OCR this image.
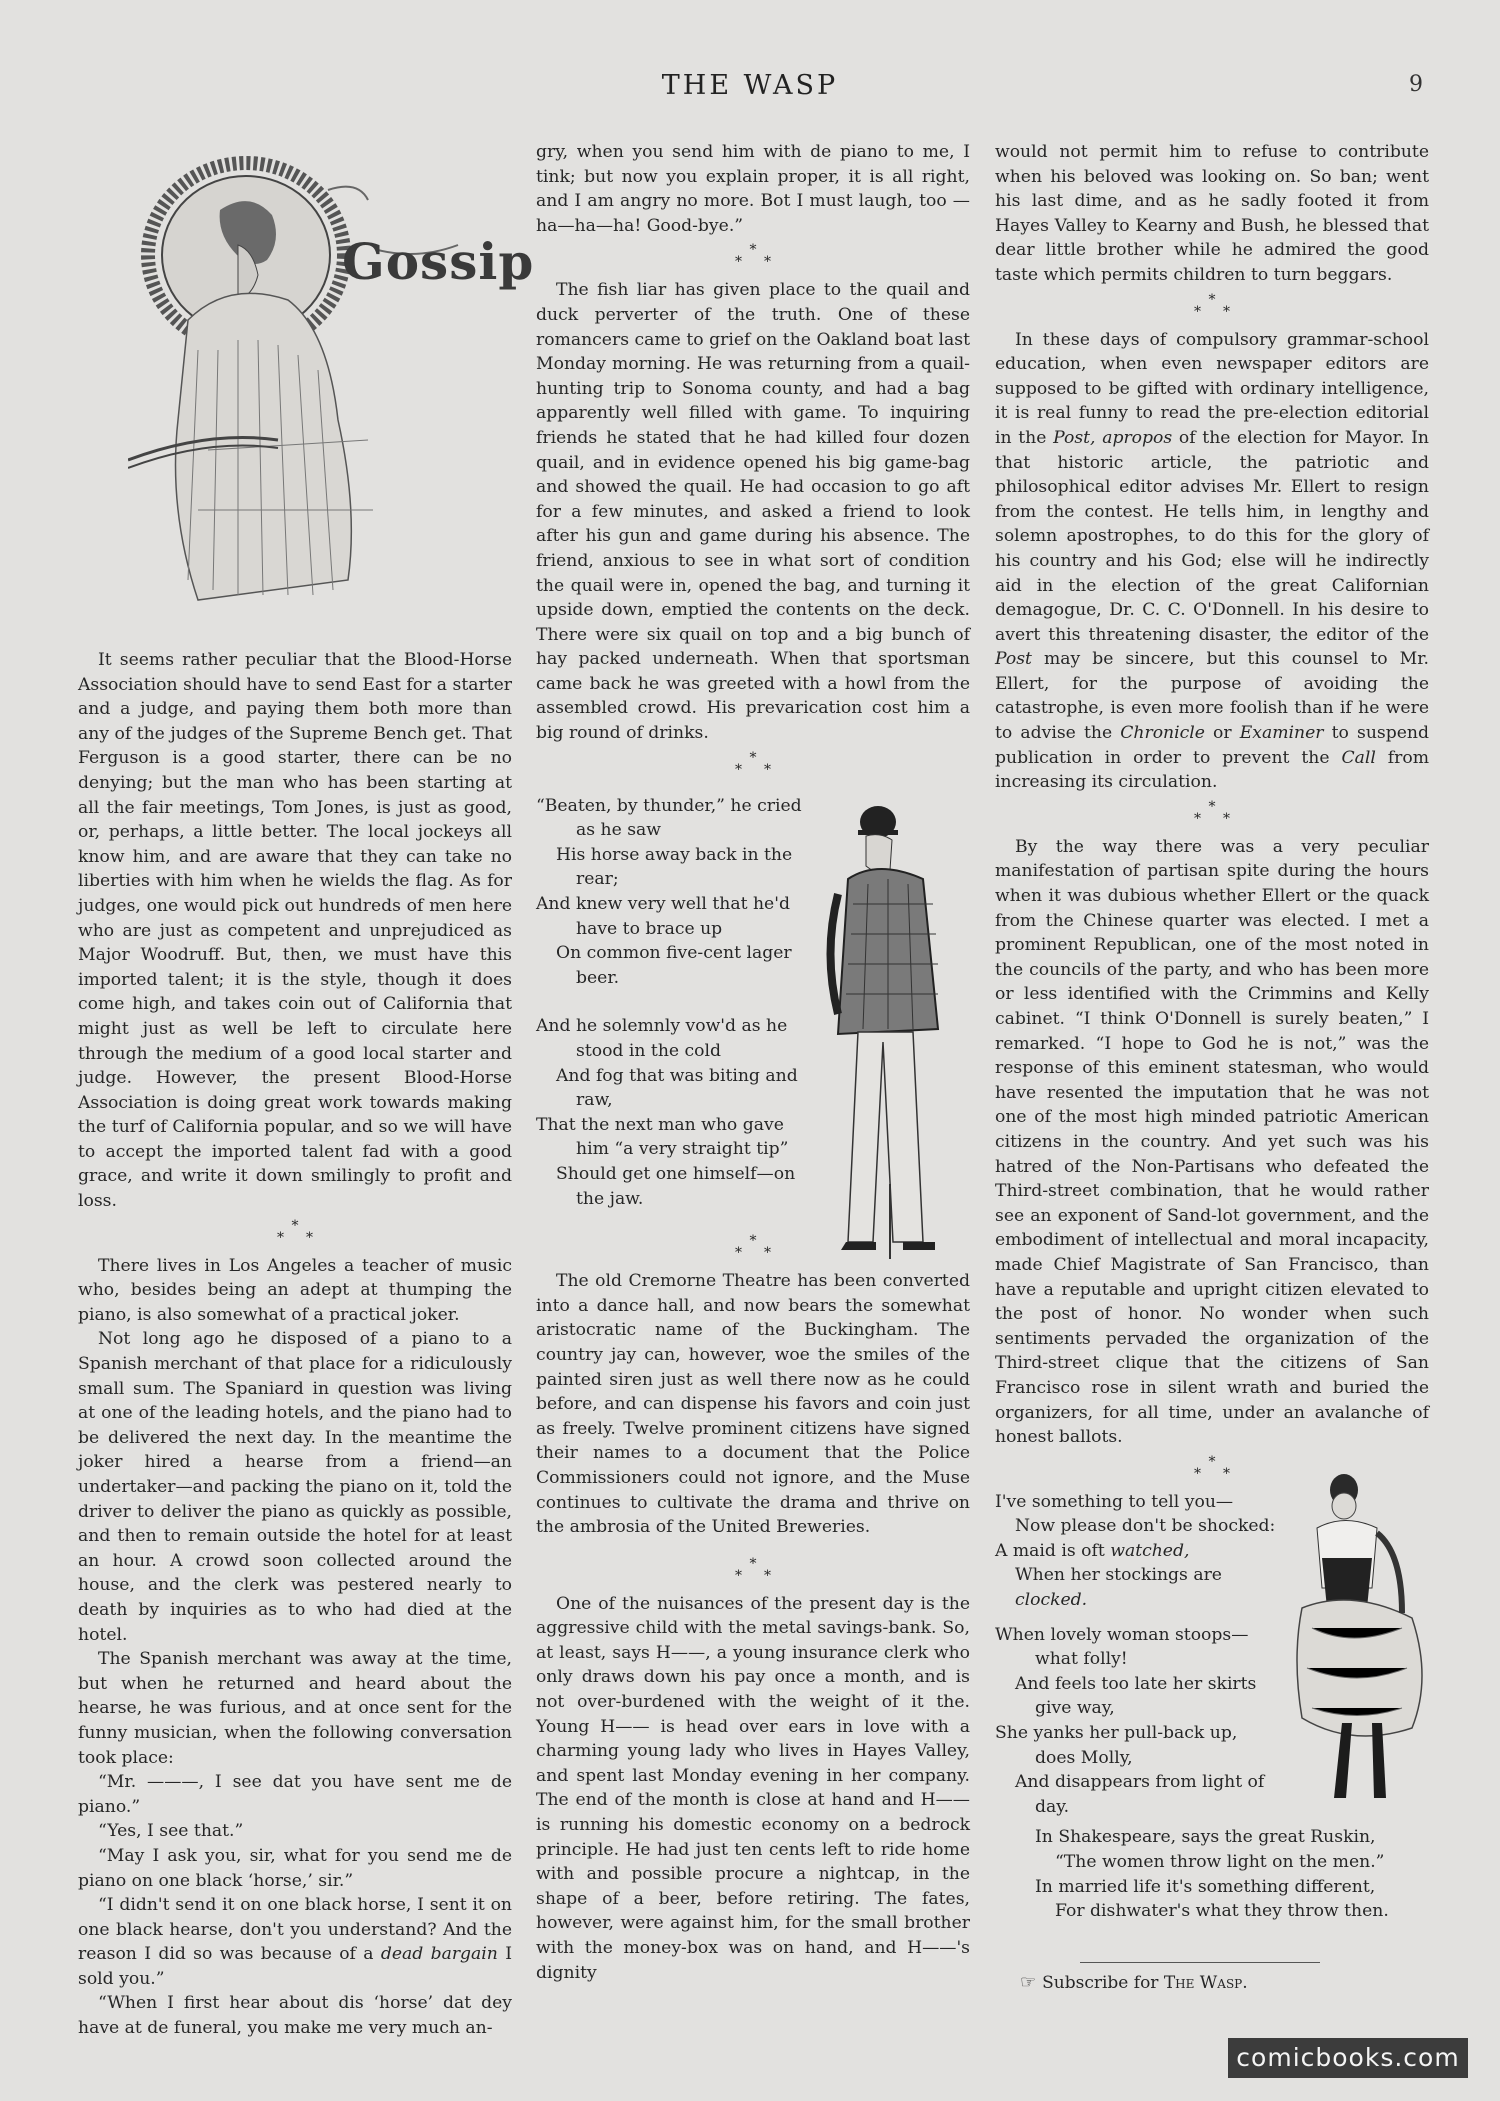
THE WASP	9
Gossip

It seems rather peculiar that the Blood-Horse Association should have to send East for a starter and a judge, and paying them both more than any of the judges of the Supreme Bench get. That Ferguson is a good starter, there can be no denying; but the man who has been starting at all the fair meetings, Tom Jones, is just as good, or, perhaps, a little better. The local jockeys all know him, and are aware that they can take no liberties with him when he wields the flag. As for judges, one would pick out hundreds of men here who are just as competent and unprejudiced as Major Woodruff. But, then, we must have this imported talent; it is the style, though it does come high, and takes coin out of California that might just as well be left to circulate here through the medium of a good local starter and judge. However, the present Blood-Horse Association is doing great work towards making the turf of California popular, and so we will have to accept the imported talent fad with a good grace, and write it down smilingly to profit and loss.

*
**

There lives in Los Angeles a teacher of music who, besides being an adept at thumping the piano, is also somewhat of a practical joker.

Not long ago he disposed of a piano to a Spanish merchant of that place for a ridiculously small sum. The Spaniard in question was living at one of the leading hotels, and the piano had to be delivered the next day. In the meantime the joker hired a hearse from a friend—an undertaker—and packing the piano on it, told the driver to deliver the piano as quickly as possible, and then to remain outside the hotel for at least an hour. A crowd soon collected around the house, and the clerk was pestered nearly to death by inquiries as to who had died at the hotel.

The Spanish merchant was away at the time, but when he returned and heard about the hearse, he was furious, and at once sent for the funny musician, when the following conversation took place:

“Mr. ———, I see dat you have sent me de piano.”

“Yes, I see that.”

“May I ask you, sir, what for you send me de piano on one black ‘horse,’ sir.”

“I didn't send it on one black horse, I sent it on one black hearse, don't you understand? And the reason I did so was because of a dead bargain I sold you.”

“When I first hear about dis ‘horse’ dat dey have at de funeral, you make me very much an-

gry, when you send him with de piano to me, I tink; but now you explain proper, it is all right, and I am angry no more. Bot I must laugh, too —ha—ha—ha! Good-bye.”

*
**

The fish liar has given place to the quail and duck perverter of the truth. One of these romancers came to grief on the Oakland boat last Monday morning. He was returning from a quail-hunting trip to Sonoma county, and had a bag apparently well filled with game. To inquiring friends he stated that he had killed four dozen quail, and in evidence opened his big game-bag and showed the quail. He had occasion to go aft for a few minutes, and asked a friend to look after his gun and game during his absence. The friend, anxious to see in what sort of condition the quail were in, opened the bag, and turning it upside down, emptied the contents on the deck. There were six quail on top and a big bunch of hay packed underneath. When that sportsman came back he was greeted with a howl from the assembled crowd. His prevarication cost him a big round of drinks.

*
**
“Beaten, by thunder,” he cried
as he saw
His horse away back in the
rear;
And knew very well that he'd
have to brace up
On common five-cent lager
beer.
And he solemnly vow'd as he
stood in the cold
And fog that was biting and
raw,
That the next man who gave
him “a very straight tip”
Should get one himself—on
the jaw.
*
**

The old Cremorne Theatre has been converted into a dance hall, and now bears the somewhat aristocratic name of the Buckingham. The country jay can, however, woe the smiles of the painted siren just as well there now as he could before, and can dispense his favors and coin just as freely. Twelve prominent citizens have signed their names to a document that the Police Commissioners could not ignore, and the Muse continues to cultivate the drama and thrive on the ambrosia of the United Breweries.

*
**

One of the nuisances of the present day is the aggressive child with the metal savings-bank. So, at least, says H——, a young insurance clerk who only draws down his pay once a month, and is not over-burdened with the weight of it the. Young H—— is head over ears in love with a charming young lady who lives in Hayes Valley, and spent last Monday evening in her company. The end of the month is close at hand and H—— is running his domestic economy on a bedrock principle. He had just ten cents left to ride home with and possible procure a nightcap, in the shape of a beer, before retiring. The fates, however, were against him, for the small brother with the money-box was on hand, and H——'s dignity

would not permit him to refuse to contribute when his beloved was looking on. So ban; went his last dime, and as he sadly footed it from Hayes Valley to Kearny and Bush, he blessed that dear little brother while he admired the good taste which permits children to turn beggars.

*
**

In these days of compulsory grammar-school education, when even newspaper editors are supposed to be gifted with ordinary intelligence, it is real funny to read the pre-election editorial in the Post, apropos of the election for Mayor. In that historic article, the patriotic and philosophical editor advises Mr. Ellert to resign from the contest. He tells him, in lengthy and solemn apostrophes, to do this for the glory of his country and his God; else will he indirectly aid in the election of the great Californian demagogue, Dr. C. C. O'Donnell. In his desire to avert this threatening disaster, the editor of the Post may be sincere, but this counsel to Mr. Ellert, for the purpose of avoiding the catastrophe, is even more foolish than if he were to advise the Chronicle or Examiner to suspend publication in order to prevent the Call from increasing its circulation.

*
**

By the way there was a very peculiar manifestation of partisan spite during the hours when it was dubious whether Ellert or the quack from the Chinese quarter was elected. I met a prominent Republican, one of the most noted in the councils of the party, and who has been more or less identified with the Crimmins and Kelly cabinet. “I think O'Donnell is surely beaten,” I remarked. “I hope to God he is not,” was the response of this eminent statesman, who would have resented the imputation that he was not one of the most high minded patriotic American citizens in the country. And yet such was his hatred of the Non-Partisans who defeated the Third-street combination, that he would rather see an exponent of Sand-lot government, and the embodiment of intellectual and moral incapacity, made Chief Magistrate of San Francisco, than have a reputable and upright citizen elevated to the post of honor. No wonder when such sentiments pervaded the organization of the Third-street clique that the citizens of San Francisco rose in silent wrath and buried the organizers, for all time, under an avalanche of honest ballots.

*
**
I've something to tell you—
Now please don't be shocked:
A maid is oft watched,
When her stockings are clocked.
When lovely woman stoops—
what folly!
And feels too late her skirts
give way,
She yanks her pull-back up,
does Molly,
And disappears from light of
day.
In Shakespeare, says the great Ruskin,
“The women throw light on the men.”
In married life it's something different,
For dishwater's what they throw then.
☞ Subscribe for The Wasp.
comicbooks.com
